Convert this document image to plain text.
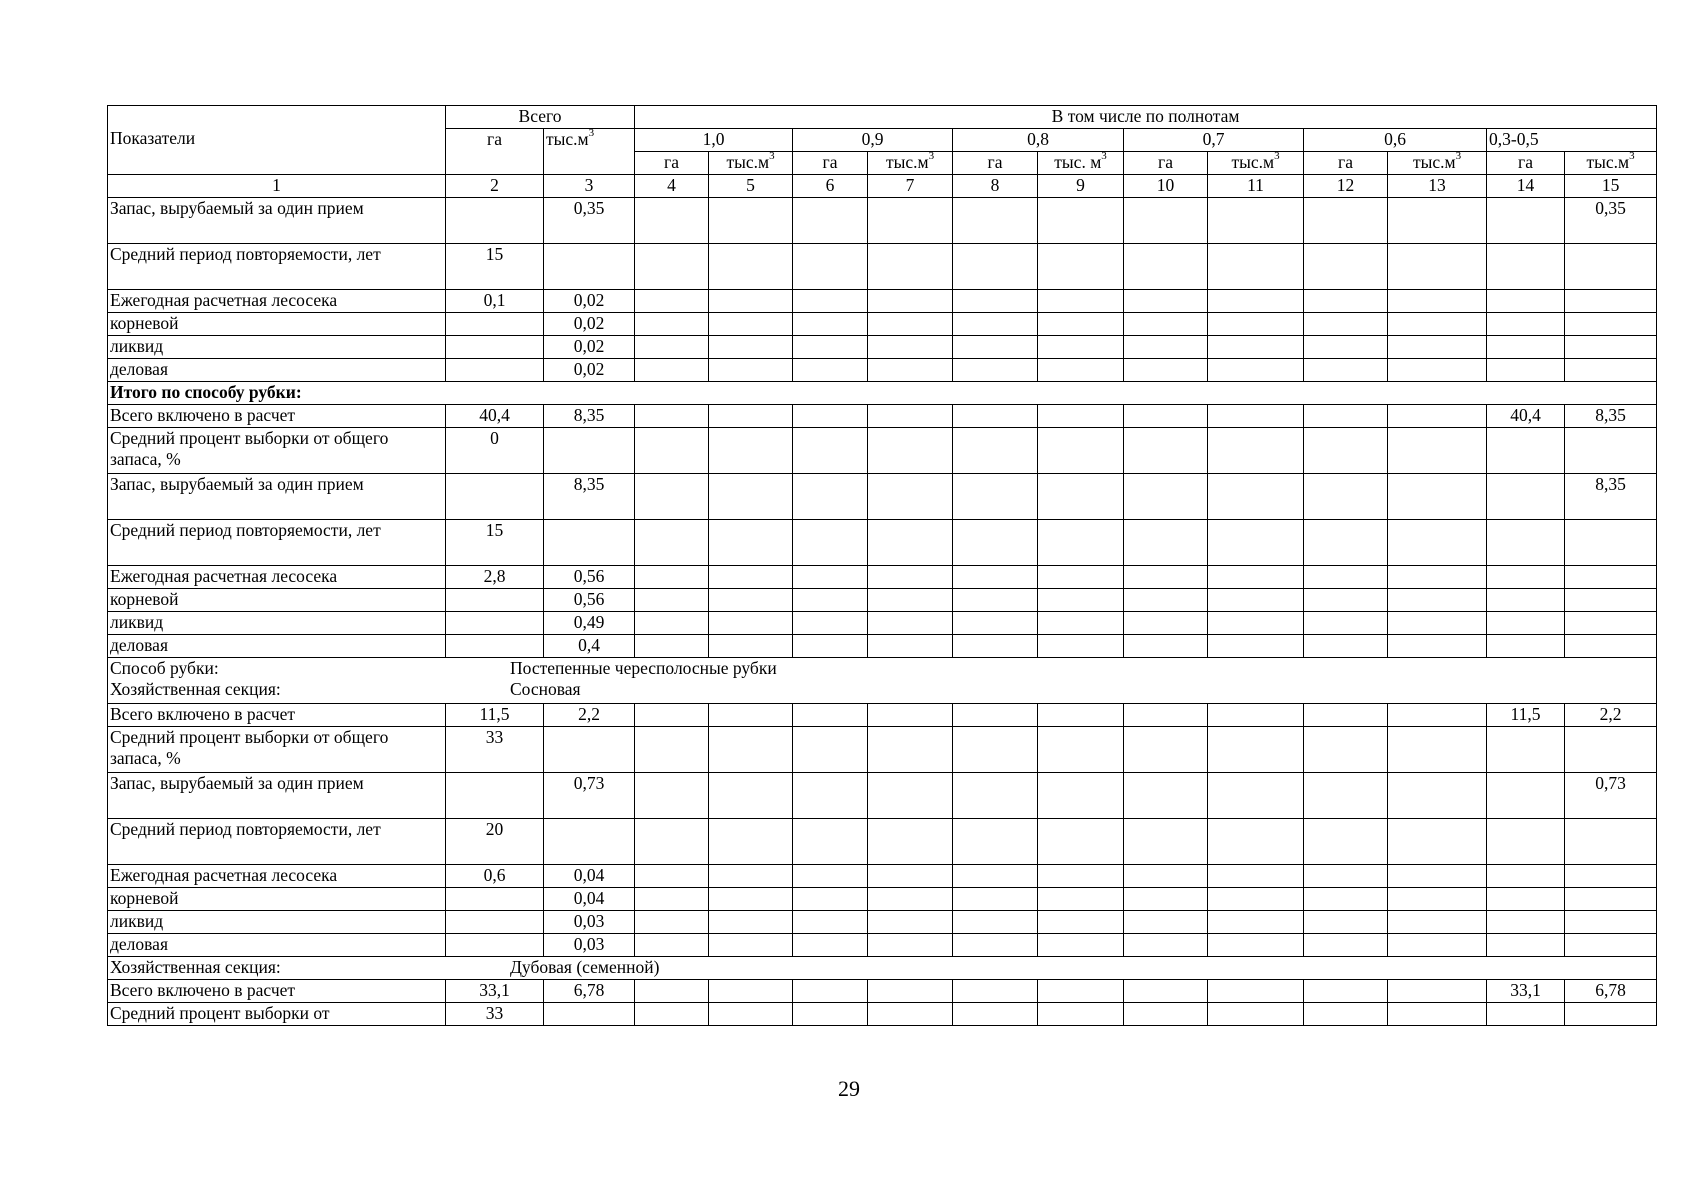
Показатели	Всего		В том числе по полнотам											
	га	$тыс.м^3$	1,0		0,9		0,8		0,7		0,6		0,3-0,5	
			га	$тыс.м^3$	га	$тыс.м^3$	га	тыс. $м^3$	га	$тыс.м^3$	га	$тыс.м^3$	га	$тыс.м^3$
1	2	3	4	5	6	7	8	9	10	11	12	13	14	15
Запас, вырубаемый за один прием		0,35												0,35
Средний период повторяемости, лет	15													
Ежегодная расчетная лесосека	0,1	0,02												
корневой		0,02												
ликвид		0,02												
деловая		0,02												
Итого по способу рубки:														
Всего включено в расчет	40,4	8,35											40,4	8,35
Средний процент выборки от общего запаса, %	0													
Запас, вырубаемый за один прием		8,35												8,35
Средний период повторяемости, лет	15													
Ежегодная расчетная лесосека	2,8	0,56												
корневой		0,56												
ликвид		0,49												
деловая		0,4												

Способ рубки: Постепенные чересполосные рубки
Хозяйственная секция: Сосновая														

Всего включено в расчет	11,5	2,2											11,5	2,2
Средний процент выборки от общего запаса, %	33													
Запас, вырубаемый за один прием		0,73												0,73
Средний период повторяемости, лет	20													
Ежегодная расчетная лесосека	0,6	0,04												
корневой		0,04												
ликвид		0,03												
деловая		0,03												

Хозяйственная секция: Дубовая (семенной)														

Всего включено в расчет	33,1	6,78											33,1	6,78
Средний процент выборки от	33													
29
